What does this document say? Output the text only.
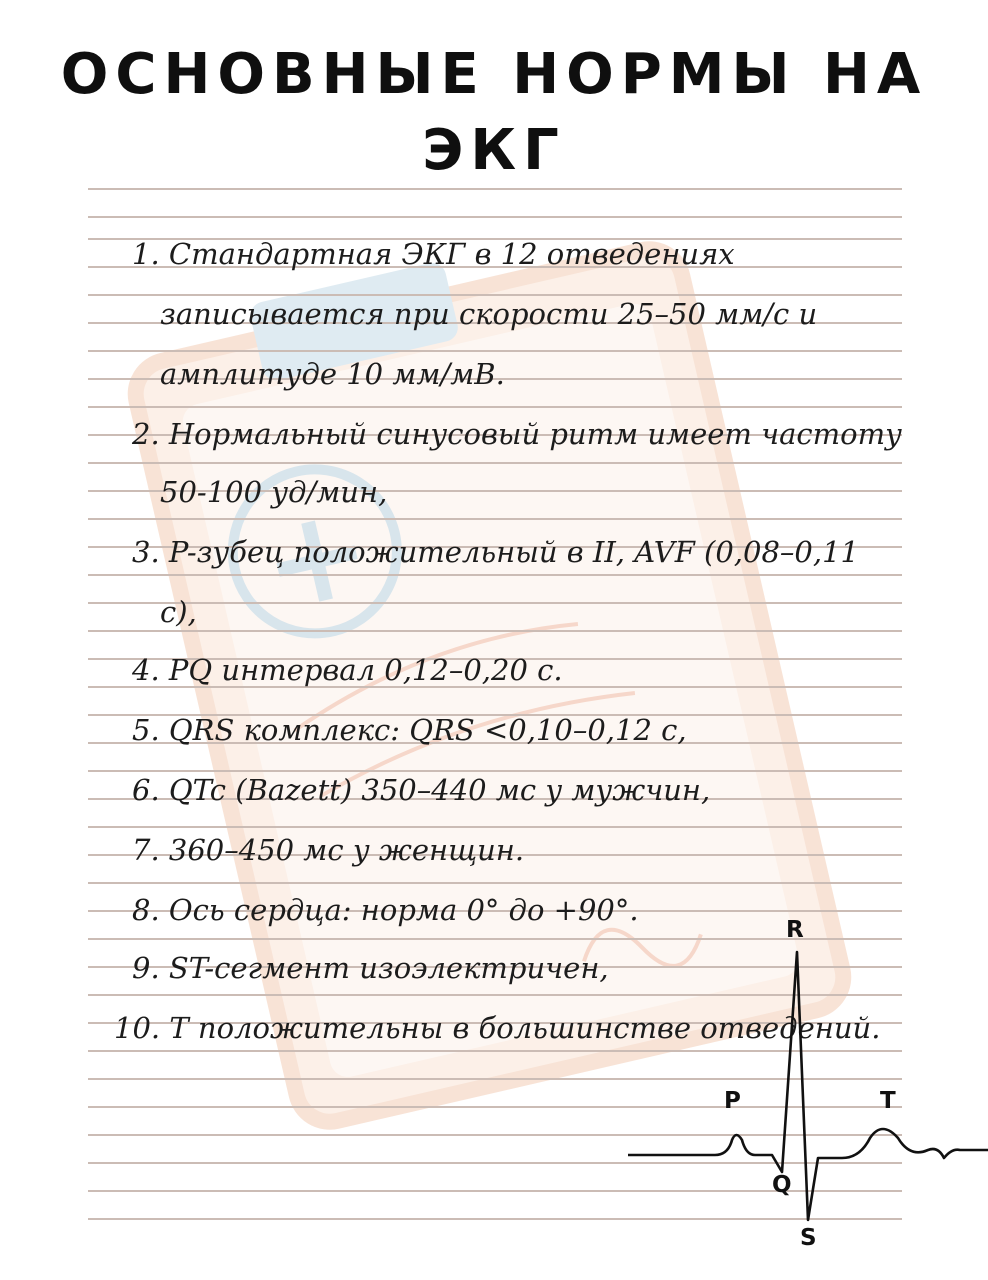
ОСНОВНЫЕ НОРМЫ НА
ЭКГ
1. Стандартная ЭКГ в 12 отведениях
записывается при скорости 25–50 мм/с и
амплитуде 10 мм/мВ.
2. Нормальный синусовый ритм имеет частоту
50-100 уд/мин,
3. P-зубец положительный в II, AVF (0,08–0,11
с),
4. PQ интервал 0,12–0,20 с.
5. QRS комплекс: QRS <0,10–0,12 с,
6. QTc (Bazett) 350–440 мс у мужчин,
7. 360–450 мс у женщин.
8. Ось сердца: норма 0° до +90°.
9. ST-сегмент изоэлектричен,
10. T положительны в большинстве отведений.
P
Q
R
S
T
